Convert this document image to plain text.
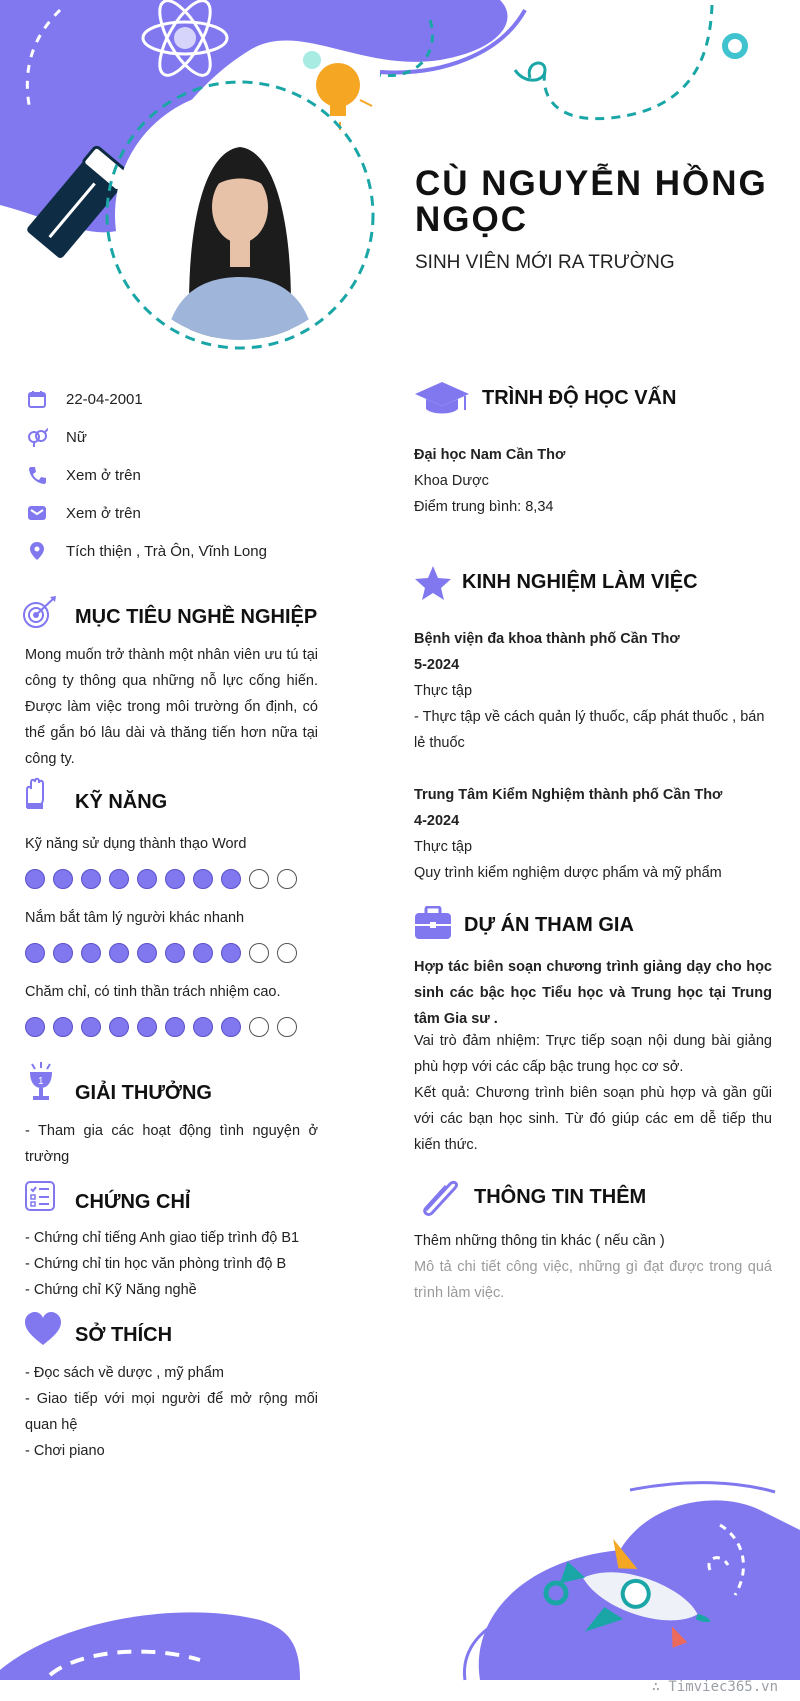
CÙ NGUYỄN HỒNG
NGỌC
SINH VIÊN MỚI RA TRƯỜNG
22-04-2001
Nữ
Xem ở trên
Xem ở trên
Tích thiện , Trà Ôn, Vĩnh Long
MỤC TIÊU NGHỀ NGHIỆP
Mong muốn trở thành một nhân viên ưu tú tại công ty thông qua những nỗ lực cống hiến. Được làm việc trong môi trường ổn định, có thể gắn bó lâu dài và thăng tiến hơn nữa tại công ty.
KỸ NĂNG
Kỹ năng sử dụng thành thạo Word
Nắm bắt tâm lý người khác nhanh
Chăm chỉ, có tinh thần trách nhiệm cao.
1
GIẢI THƯỞNG
- Tham gia các hoạt động tình nguyện ở trường
CHỨNG CHỈ
- Chứng chỉ tiếng Anh giao tiếp trình độ B1
- Chứng chỉ tin học văn phòng trình độ B
- Chứng chỉ Kỹ Năng nghề
SỞ THÍCH
- Đọc sách về dược , mỹ phẩm
- Giao tiếp với mọi người để mở rộng mối quan hệ
- Chơi piano
TRÌNH ĐỘ HỌC VẤN
Đại học Nam Cần Thơ
Khoa Dược
Điểm trung bình: 8,34
KINH NGHIỆM LÀM VIỆC
Bệnh viện đa khoa thành phố Cần Thơ
5-2024
Thực tập
- Thực tập về cách quản lý thuốc, cấp phát thuốc , bán lẻ thuốc
Trung Tâm Kiểm Nghiệm thành phố Cần Thơ
4-2024
Thực tập
Quy trình kiểm nghiệm dược phẩm và mỹ phẩm
DỰ ÁN THAM GIA
Hợp tác biên soạn chương trình giảng dạy cho học sinh các bậc học Tiểu học và Trung học tại Trung tâm Gia sư .
Vai trò đảm nhiệm: Trực tiếp soạn nội dung bài giảng phù hợp với các cấp bậc trung học cơ sở.
Kết quả: Chương trình biên soạn phù hợp và gần gũi với các bạn học sinh. Từ đó giúp các em dễ tiếp thu kiến thức.
THÔNG TIN THÊM
Thêm những thông tin khác ( nếu cần )
Mô tả chi tiết công việc, những gì đạt được trong quá trình làm việc.
∴ Timviec365.vn
